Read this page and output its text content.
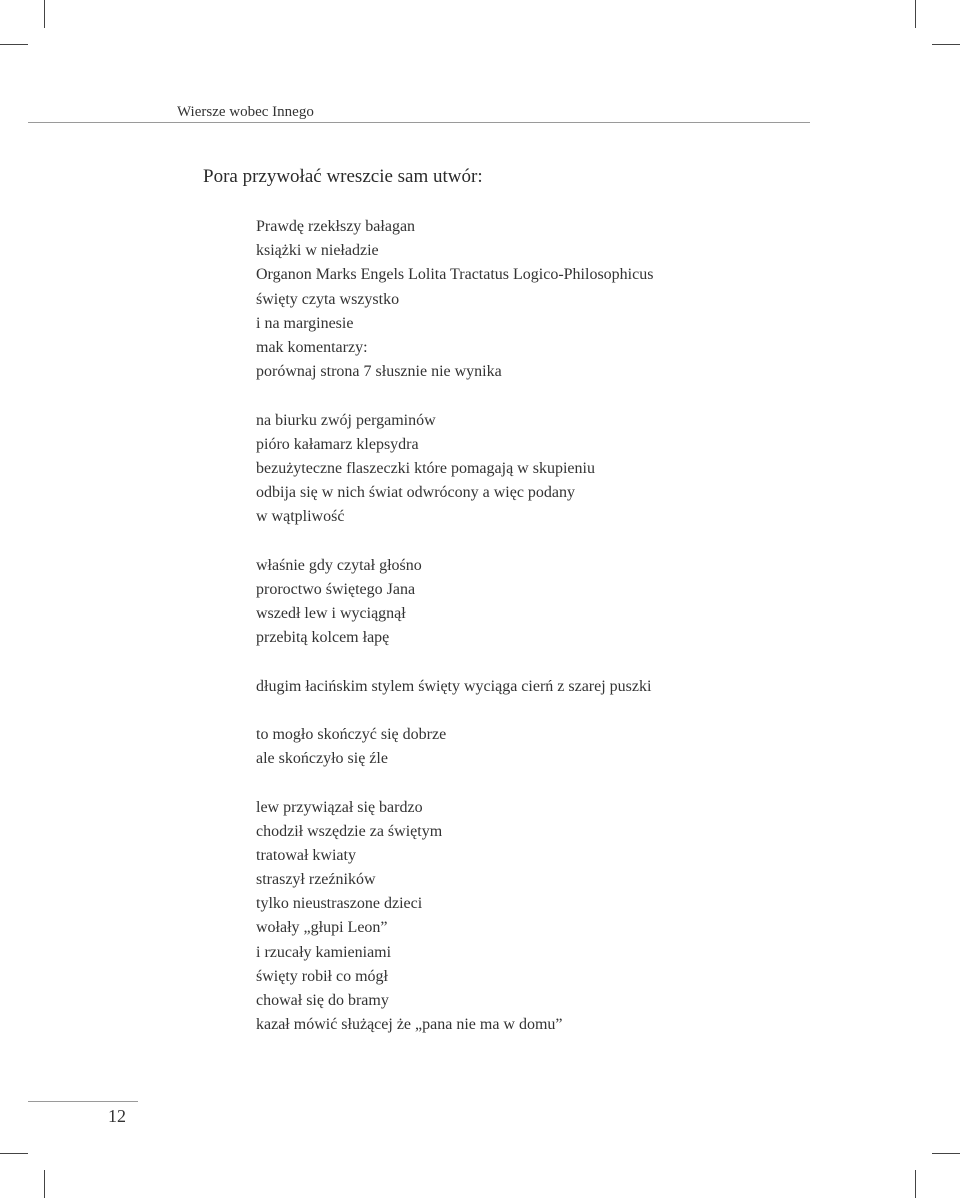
Wiersze wobec Innego
Pora przywołać wreszcie sam utwór:
Prawdę rzekłszy bałagan
książki w nieładzie
Organon Marks Engels Lolita Tractatus Logico-Philosophicus
święty czyta wszystko
i na marginesie
mak komentarzy:
porównaj strona 7 słusznie nie wynika
na biurku zwój pergaminów
pióro kałamarz klepsydra
bezużyteczne flaszeczki które pomagają w skupieniu
odbija się w nich świat odwrócony a więc podany
w wątpliwość
właśnie gdy czytał głośno
proroctwo świętego Jana
wszedł lew i wyciągnął
przebitą kolcem łapę
długim łacińskim stylem święty wyciąga cierń z szarej puszki
to mogło skończyć się dobrze
ale skończyło się źle
lew przywiązał się bardzo
chodził wszędzie za świętym
tratował kwiaty
straszył rzeźników
tylko nieustraszone dzieci
wołały „głupi Leon”
i rzucały kamieniami
święty robił co mógł
chował się do bramy
kazał mówić służącej że „pana nie ma w domu”
12
